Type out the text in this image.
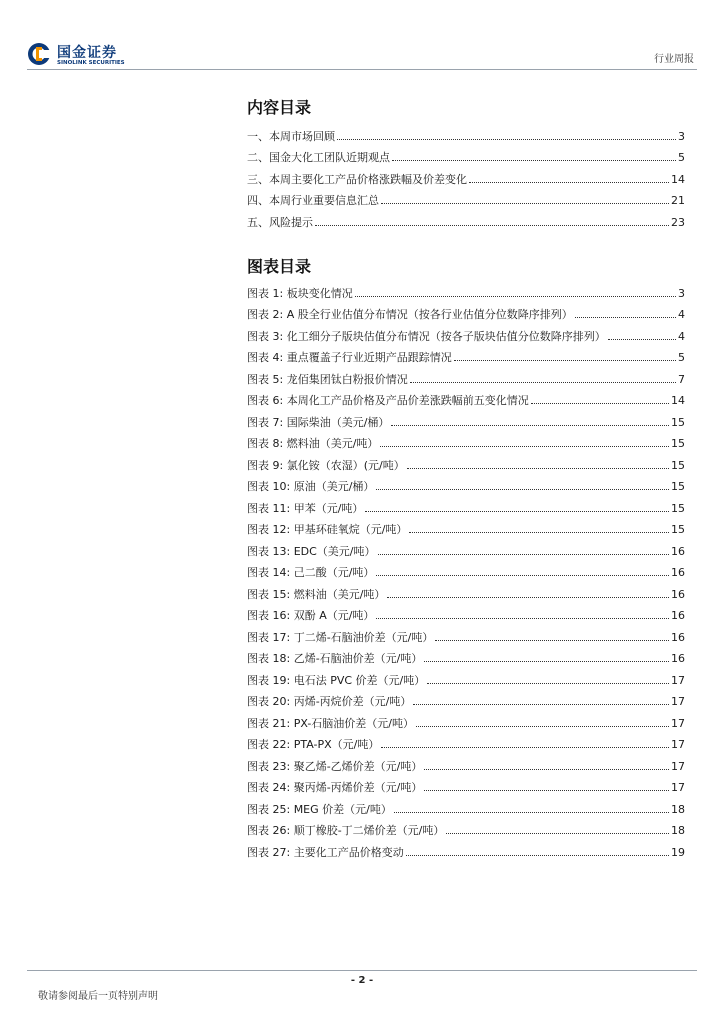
国金证券
SINOLINK SECURITIES	行业周报
内容目录
一、本周市场回顾	3
二、国金大化工团队近期观点	5
三、本周主要化工产品价格涨跌幅及价差变化	14
四、本周行业重要信息汇总	21
五、风险提示	23
图表目录
图表 1: 板块变化情况	3
图表 2: A 股全行业估值分布情况（按各行业估值分位数降序排列）	4
图表 3: 化工细分子版块估值分布情况（按各子版块估值分位数降序排列）	4
图表 4: 重点覆盖子行业近期产品跟踪情况	5
图表 5: 龙佰集团钛白粉报价情况	7
图表 6: 本周化工产品价格及产品价差涨跌幅前五变化情况	14
图表 7: 国际柴油（美元/桶）	15
图表 8: 燃料油（美元/吨）	15
图表 9: 氯化铵（农湿）(元/吨）	15
图表 10: 原油（美元/桶）	15
图表 11: 甲苯（元/吨）	15
图表 12: 甲基环硅氧烷（元/吨）	15
图表 13: EDC（美元/吨）	16
图表 14: 己二酸（元/吨）	16
图表 15: 燃料油（美元/吨）	16
图表 16: 双酚 A（元/吨）	16
图表 17: 丁二烯-石脑油价差（元/吨）	16
图表 18: 乙烯-石脑油价差（元/吨）	16
图表 19: 电石法 PVC 价差（元/吨）	17
图表 20: 丙烯-丙烷价差（元/吨）	17
图表 21: PX-石脑油价差（元/吨）	17
图表 22: PTA-PX（元/吨）	17
图表 23: 聚乙烯-乙烯价差（元/吨）	17
图表 24: 聚丙烯-丙烯价差（元/吨）	17
图表 25: MEG 价差（元/吨）	18
图表 26: 顺丁橡胶-丁二烯价差（元/吨）	18
图表 27: 主要化工产品价格变动	19
- 2 -
敬请参阅最后一页特别声明
